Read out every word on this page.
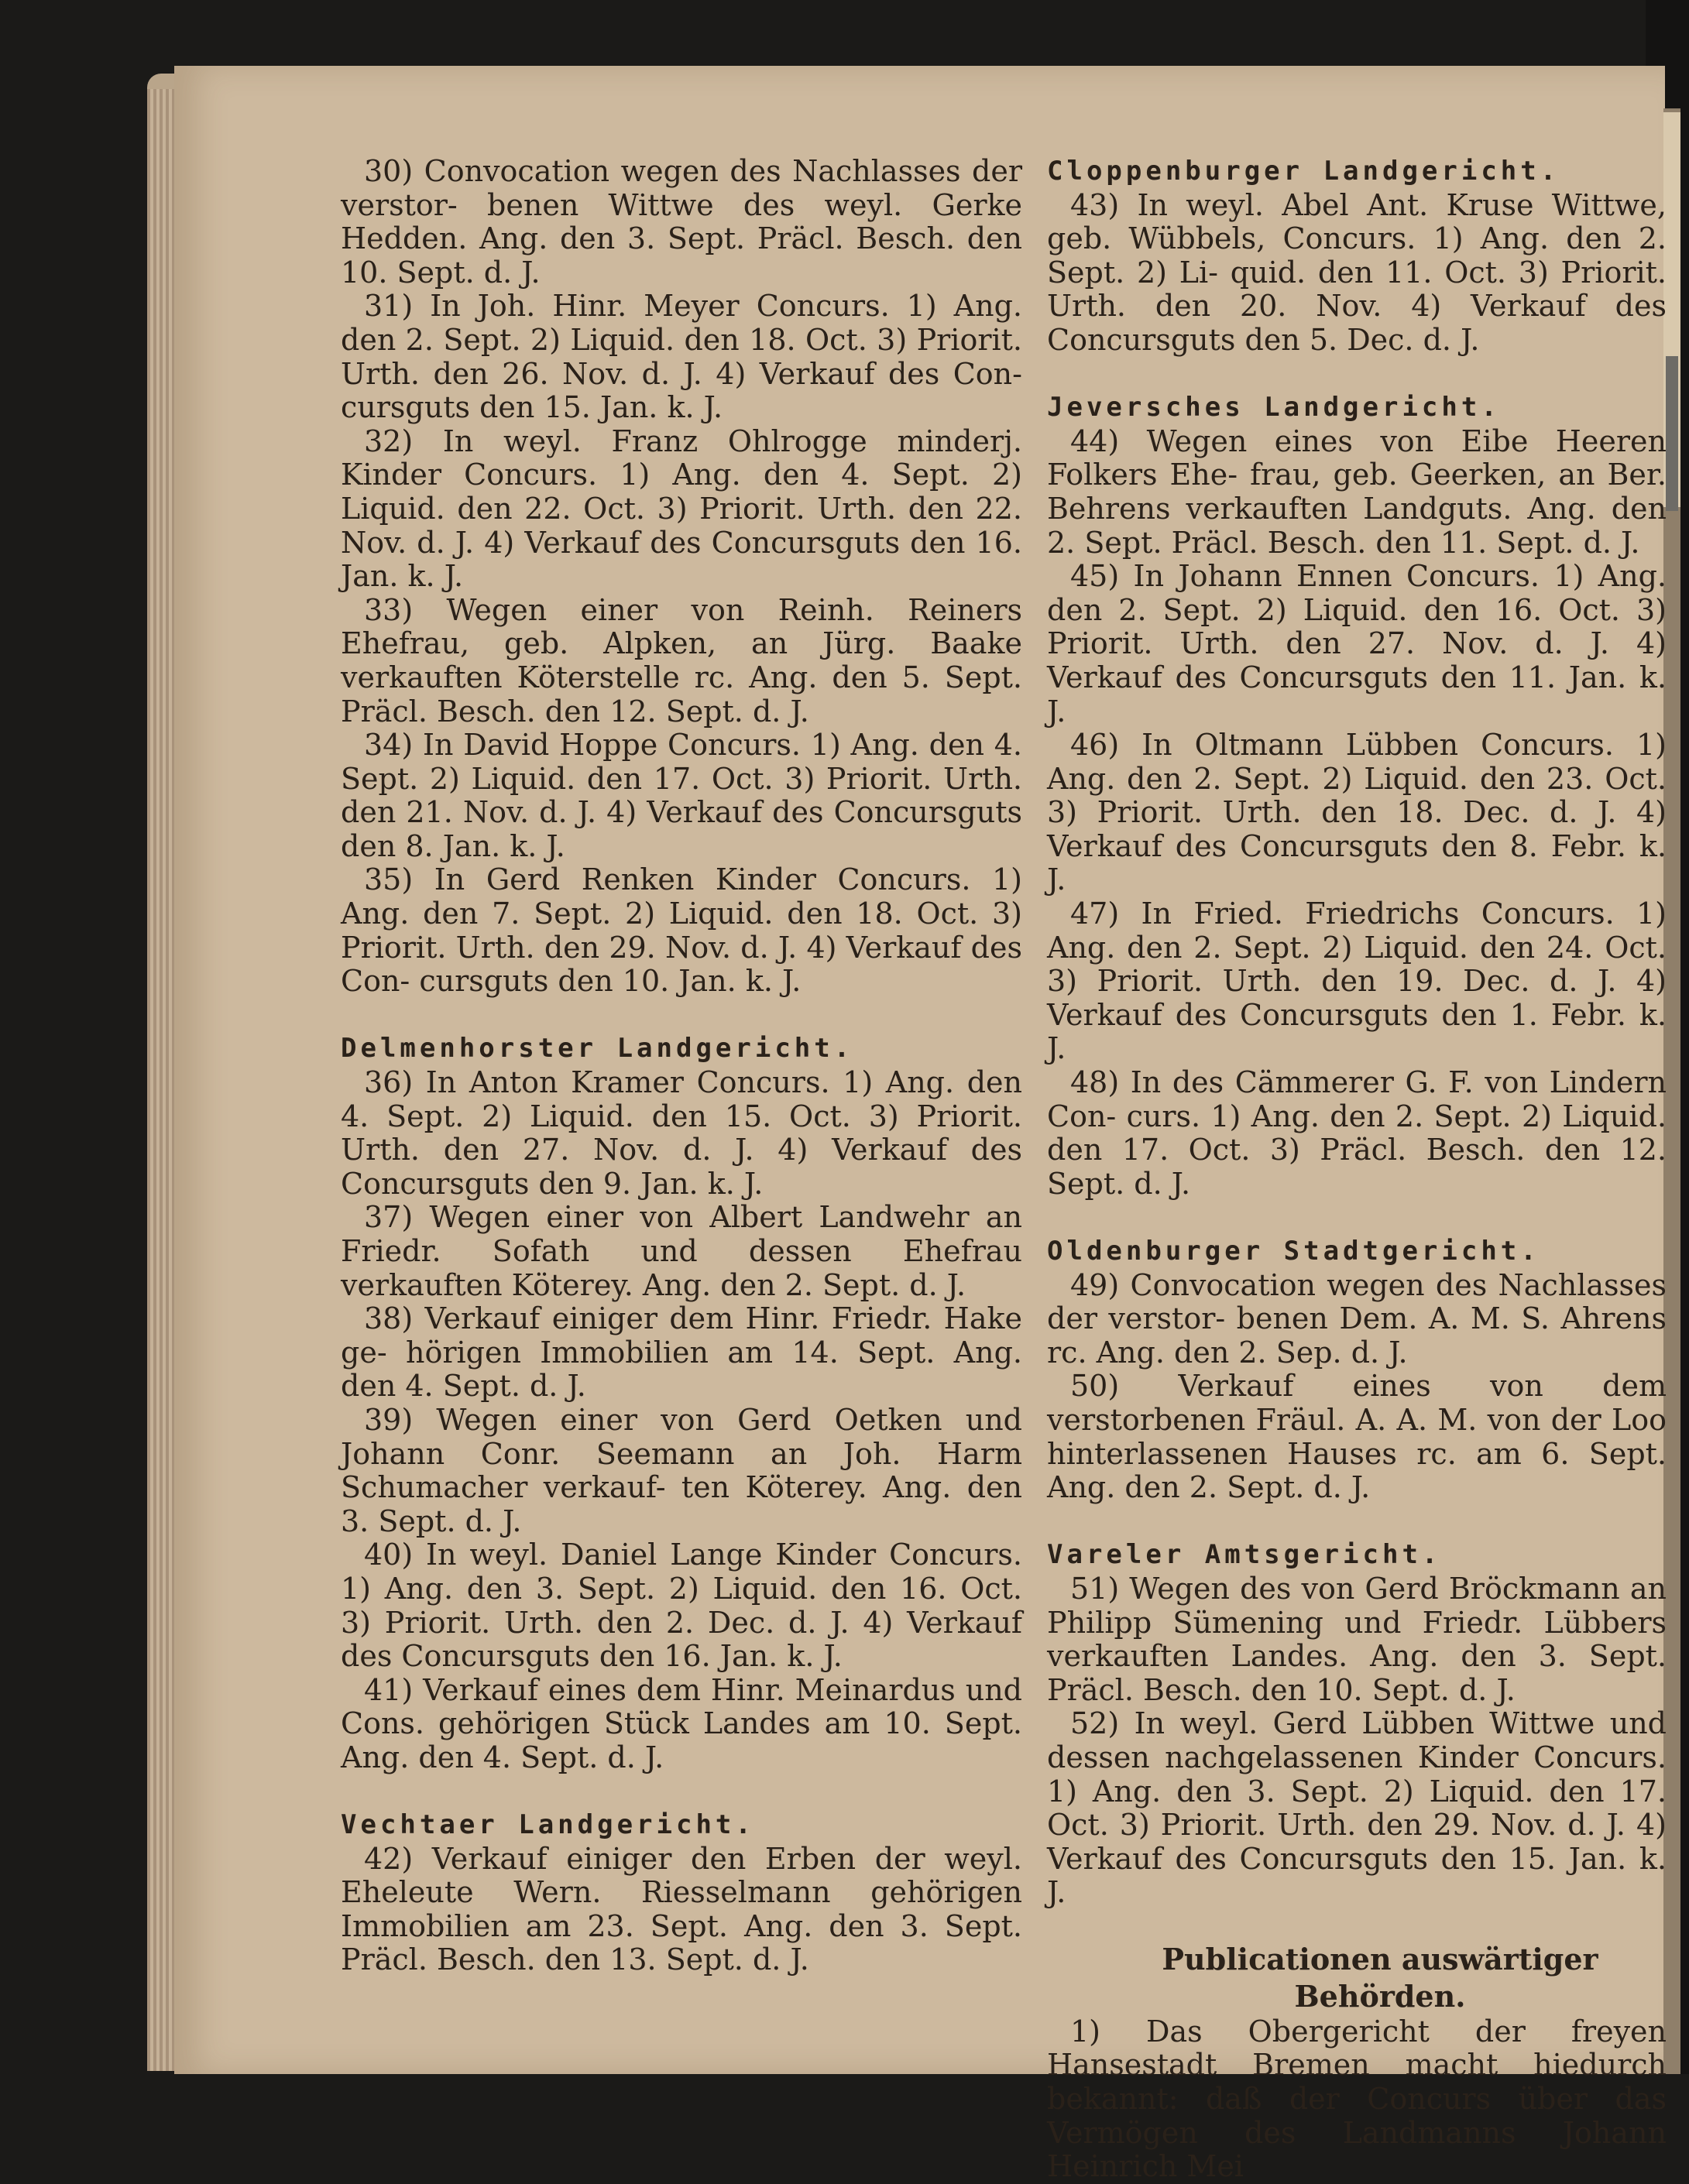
30) Convocation wegen des Nachlasses der verstor- benen Wittwe des weyl. Gerke Hedden. Ang. den 3. Sept. Präcl. Besch. den 10. Sept. d. J.

31) In Joh. Hinr. Meyer Concurs. 1) Ang. den 2. Sept. 2) Liquid. den 18. Oct. 3) Priorit. Urth. den 26. Nov. d. J. 4) Verkauf des Con- cursguts den 15. Jan. k. J.

32) In weyl. Franz Ohlrogge minderj. Kinder Concurs. 1) Ang. den 4. Sept. 2) Liquid. den 22. Oct. 3) Priorit. Urth. den 22. Nov. d. J. 4) Verkauf des Concursguts den 16. Jan. k. J.

33) Wegen einer von Reinh. Reiners Ehefrau, geb. Alpken, an Jürg. Baake verkauften Köterstelle rc. Ang. den 5. Sept. Präcl. Besch. den 12. Sept. d. J.

34) In David Hoppe Concurs. 1) Ang. den 4. Sept. 2) Liquid. den 17. Oct. 3) Priorit. Urth. den 21. Nov. d. J. 4) Verkauf des Concursguts den 8. Jan. k. J.

35) In Gerd Renken Kinder Concurs. 1) Ang. den 7. Sept. 2) Liquid. den 18. Oct. 3) Priorit. Urth. den 29. Nov. d. J. 4) Verkauf des Con- cursguts den 10. Jan. k. J.

Delmenhorster Landgericht.

36) In Anton Kramer Concurs. 1) Ang. den 4. Sept. 2) Liquid. den 15. Oct. 3) Priorit. Urth. den 27. Nov. d. J. 4) Verkauf des Concursguts den 9. Jan. k. J.

37) Wegen einer von Albert Landwehr an Friedr. Sofath und dessen Ehefrau verkauften Köterey. Ang. den 2. Sept. d. J.

38) Verkauf einiger dem Hinr. Friedr. Hake ge- hörigen Immobilien am 14. Sept. Ang. den 4. Sept. d. J.

39) Wegen einer von Gerd Oetken und Johann Conr. Seemann an Joh. Harm Schumacher verkauf- ten Köterey. Ang. den 3. Sept. d. J.

40) In weyl. Daniel Lange Kinder Concurs. 1) Ang. den 3. Sept. 2) Liquid. den 16. Oct. 3) Priorit. Urth. den 2. Dec. d. J. 4) Verkauf des Concursguts den 16. Jan. k. J.

41) Verkauf eines dem Hinr. Meinardus und Cons. gehörigen Stück Landes am 10. Sept. Ang. den 4. Sept. d. J.

Vechtaer Landgericht.

42) Verkauf einiger den Erben der weyl. Eheleute Wern. Riesselmann gehörigen Immobilien am 23. Sept. Ang. den 3. Sept. Präcl. Besch. den 13. Sept. d. J.

Cloppenburger Landgericht.

43) In weyl. Abel Ant. Kruse Wittwe, geb. Wübbels, Concurs. 1) Ang. den 2. Sept. 2) Li- quid. den 11. Oct. 3) Priorit. Urth. den 20. Nov. 4) Verkauf des Concursguts den 5. Dec. d. J.

Jeversches Landgericht.

44) Wegen eines von Eibe Heeren Folkers Ehe- frau, geb. Geerken, an Ber. Behrens verkauften Landguts. Ang. den 2. Sept. Präcl. Besch. den 11. Sept. d. J.

45) In Johann Ennen Concurs. 1) Ang. den 2. Sept. 2) Liquid. den 16. Oct. 3) Priorit. Urth. den 27. Nov. d. J. 4) Verkauf des Concursguts den 11. Jan. k. J.

46) In Oltmann Lübben Concurs. 1) Ang. den 2. Sept. 2) Liquid. den 23. Oct. 3) Priorit. Urth. den 18. Dec. d. J. 4) Verkauf des Concursguts den 8. Febr. k. J.

47) In Fried. Friedrichs Concurs. 1) Ang. den 2. Sept. 2) Liquid. den 24. Oct. 3) Priorit. Urth. den 19. Dec. d. J. 4) Verkauf des Concursguts den 1. Febr. k. J.

48) In des Cämmerer G. F. von Lindern Con- curs. 1) Ang. den 2. Sept. 2) Liquid. den 17. Oct. 3) Präcl. Besch. den 12. Sept. d. J.

Oldenburger Stadtgericht.

49) Convocation wegen des Nachlasses der verstor- benen Dem. A. M. S. Ahrens rc. Ang. den 2. Sep. d. J.

50) Verkauf eines von dem verstorbenen Fräul. A. A. M. von der Loo hinterlassenen Hauses rc. am 6. Sept. Ang. den 2. Sept. d. J.

Vareler Amtsgericht.

51) Wegen des von Gerd Bröckmann an Philipp Sümening und Friedr. Lübbers verkauften Landes. Ang. den 3. Sept. Präcl. Besch. den 10. Sept. d. J.

52) In weyl. Gerd Lübben Wittwe und dessen nachgelassenen Kinder Concurs. 1) Ang. den 3. Sept. 2) Liquid. den 17. Oct. 3) Priorit. Urth. den 29. Nov. d. J. 4) Verkauf des Concursguts den 15. Jan. k. J.

Publicationen auswärtiger Behörden.

1) Das Obergericht der freyen Hansestadt Bremen macht hiedurch bekannt: daß der Concurs über das Vermögen des Landmanns Johann Heinrich Mei
